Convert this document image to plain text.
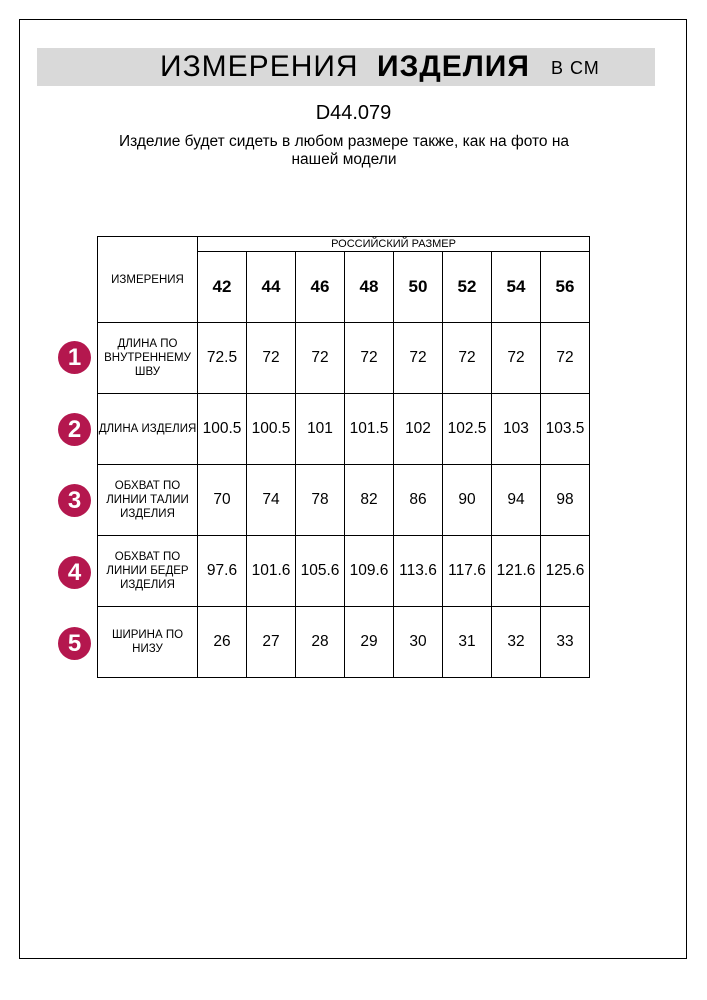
ИЗМЕРЕНИЯ ИЗДЕЛИЯ В СМ
D44.079
Изделие будет сидеть в любом размере также, как на фото на нашей модели
ИЗМЕРЕНИЯ	РОССИЙСКИЙ РАЗМЕР							
	42	44	46	48	50	52	54	56
ДЛИНА ПО ВНУТРЕННЕМУ ШВУ	72.5	72	72	72	72	72	72	72
ДЛИНА ИЗДЕЛИЯ	100.5	100.5	101	101.5	102	102.5	103	103.5
ОБХВАТ ПО ЛИНИИ ТАЛИИ ИЗДЕЛИЯ	70	74	78	82	86	90	94	98
ОБХВАТ ПО ЛИНИИ БЕДЕР ИЗДЕЛИЯ	97.6	101.6	105.6	109.6	113.6	117.6	121.6	125.6
ШИРИНА ПО НИЗУ	26	27	28	29	30	31	32	33
1
2
3
4
5
